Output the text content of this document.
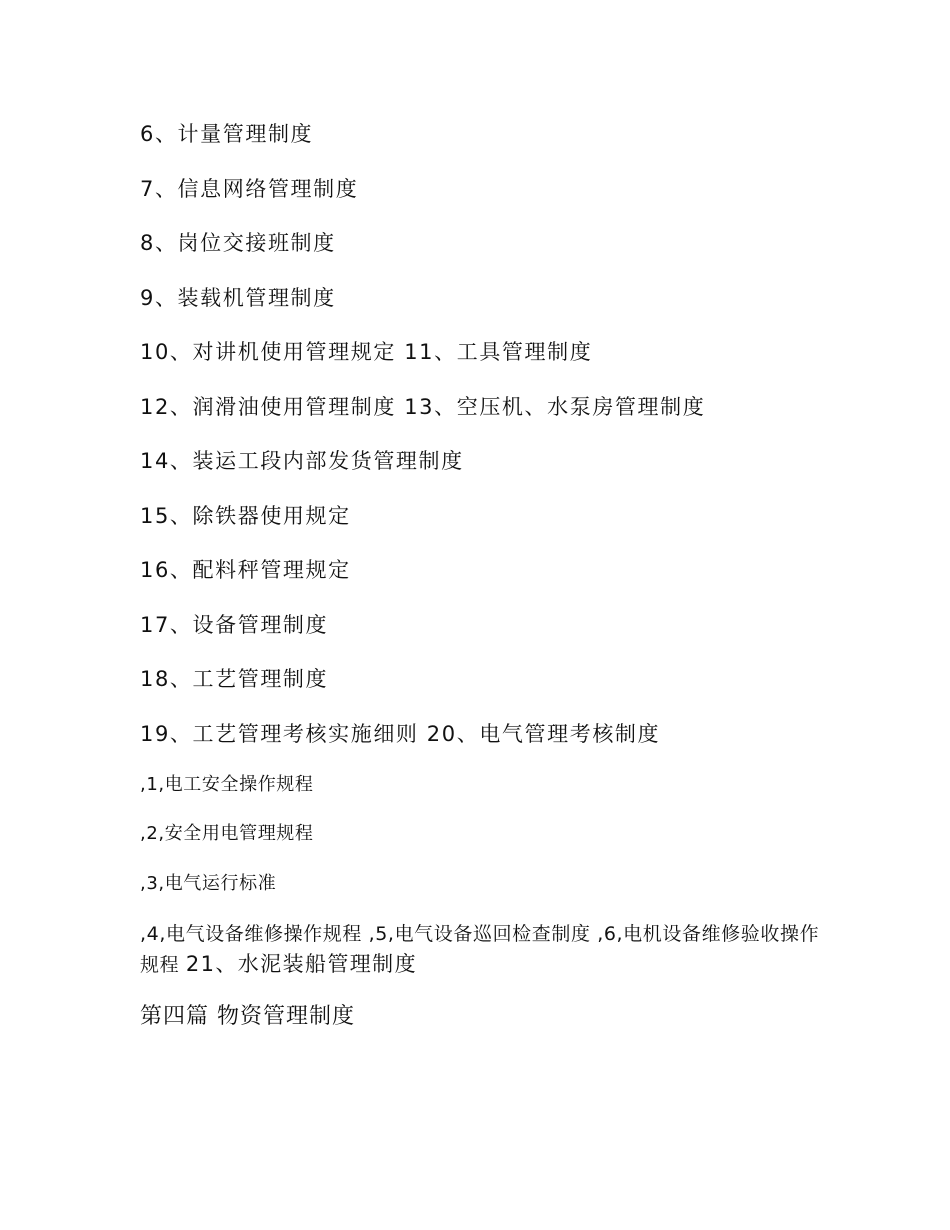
6、计量管理制度
7、信息网络管理制度
8、岗位交接班制度
9、装载机管理制度
10、对讲机使用管理规定 11、工具管理制度
12、润滑油使用管理制度 13、空压机、水泵房管理制度
14、装运工段内部发货管理制度
15、除铁器使用规定
16、配料秤管理规定
17、设备管理制度
18、工艺管理制度
19、工艺管理考核实施细则 20、电气管理考核制度
,1,电工安全操作规程
,2,安全用电管理规程
,3,电气运行标准
,4,电气设备维修操作规程 ,5,电气设备巡回检查制度 ,6,电机设备维修验收操作规程 21、水泥装船管理制度
第四篇 物资管理制度
